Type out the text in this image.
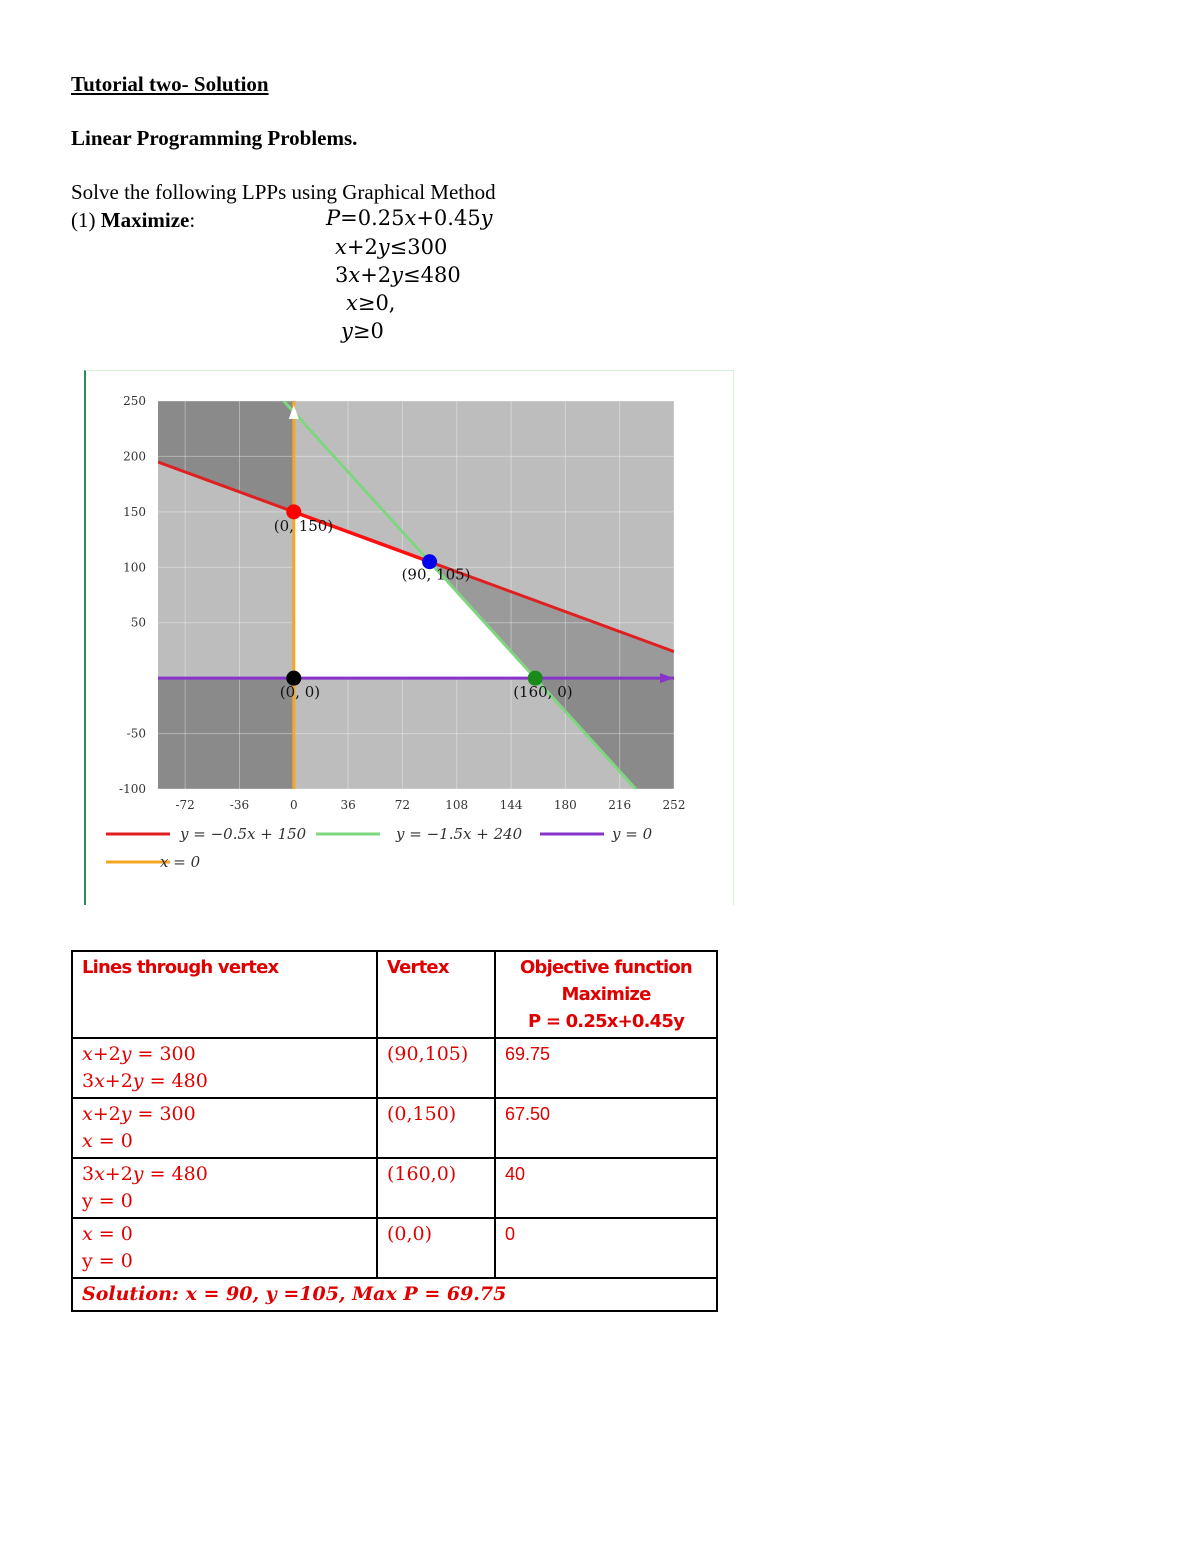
Tutorial two- Solution
Linear Programming Problems.
Solve the following LPPs using Graphical Method
(1) Maximize:	𝑃=0.25𝑥+0.45𝑦
𝑥+2𝑦≤300
3𝑥+2𝑦≤480
𝑥≥0,
𝑦≥0
-72	-36	0	36	72	108	144	180	216	252
250
200
150
100
50
-50
-100
(0, 150)
(90, 105)
(160, 0)
(0, 0)
y = −0.5x + 150	y = −1.5x + 240	y = 0
x = 0
Lines through vertex	Vertex	Objective function
Maximize
P = 0.25x+0.45y

𝑥+2𝑦 = 300
3𝑥+2𝑦 = 480	(90,105)	69.75

𝑥+2𝑦 = 300
𝑥 = 0	(0,150)	67.50

3𝑥+2𝑦 = 480
y = 0	(160,0)	40

𝑥 = 0
y = 0	(0,0)	0
𝑺𝒐𝒍𝒖𝒕𝒊𝒐𝒏: 𝒙 = 90, 𝒚 =105, 𝑴𝒂𝒙 𝑷 = 69.75		
